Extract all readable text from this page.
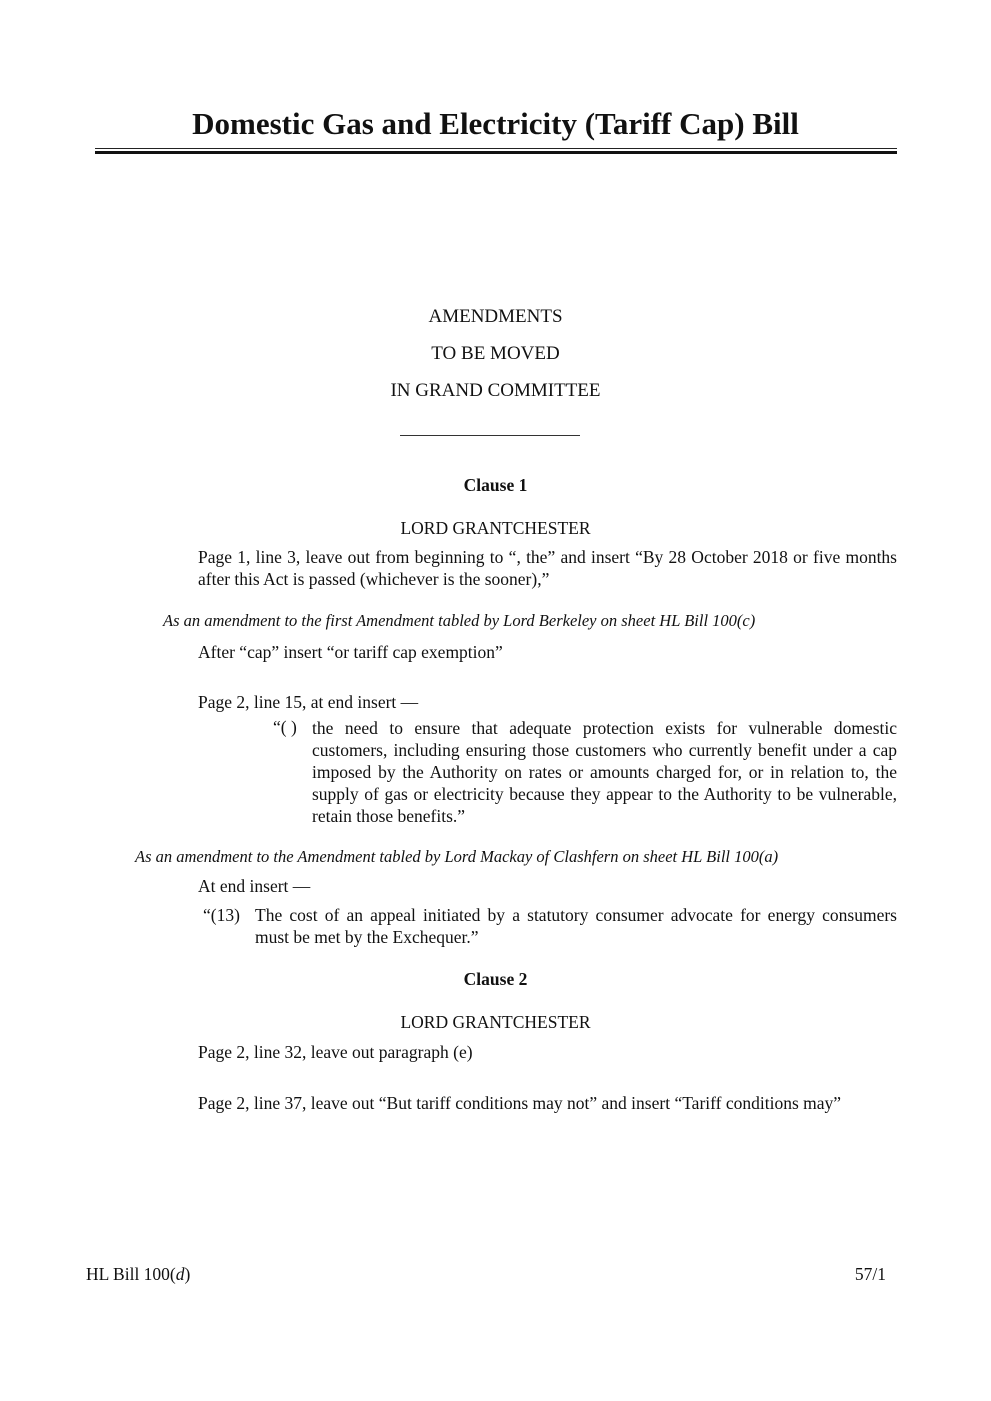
Domestic Gas and Electricity (Tariff Cap) Bill
AMENDMENTS
TO BE MOVED
IN GRAND COMMITTEE
Clause 1
LORD GRANTCHESTER
Page 1, line 3, leave out from beginning to “, the” and insert “By 28 October 2018 or five months after this Act is passed (whichever is the sooner),”
As an amendment to the first Amendment tabled by Lord Berkeley on sheet HL Bill 100(c)
After “cap” insert “or tariff cap exemption”
Page 2, line 15, at end insert —
“( ) the need to ensure that adequate protection exists for vulnerable domestic customers, including ensuring those customers who currently benefit under a cap imposed by the Authority on rates or amounts charged for, or in relation to, the supply of gas or electricity because they appear to the Authority to be vulnerable, retain those benefits.”
As an amendment to the Amendment tabled by Lord Mackay of Clashfern on sheet HL Bill 100(a)
At end insert —
“(13) The cost of an appeal initiated by a statutory consumer advocate for energy consumers must be met by the Exchequer.”
Clause 2
LORD GRANTCHESTER
Page 2, line 32, leave out paragraph (e)
Page 2, line 37, leave out “But tariff conditions may not” and insert “Tariff conditions may”
HL Bill 100(d)	57/1
